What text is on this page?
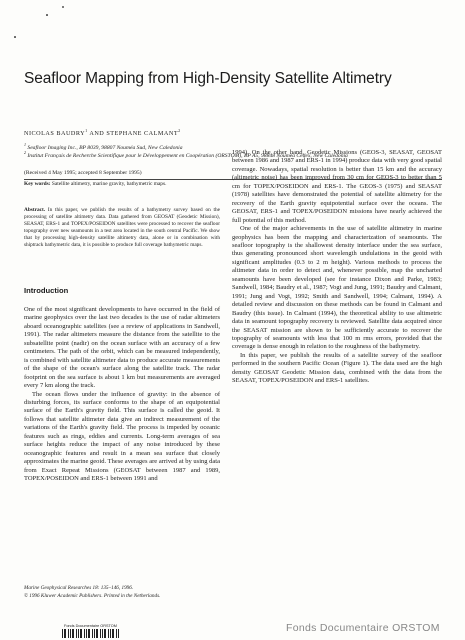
Seafloor Mapping from High-Density Satellite Altimetry

NICOLAS BAUDRY$^1$ AND STEPHANE CALMANT$^2$

$^1$ Seafloor Imaging Inc., BP 8039, 98807 Nouméa Sud, New Caledonia

$^2$ Institut Français de Recherche Scientifique pour le Développement en Coopération (ORSTOM), BP A5, 98848 Nouméa Cedex, New Caledonia

(Received 4 May 1995; accepted 8 September 1995)

Key words: Satellite altimetry, marine gravity, bathymetric maps.

Abstract. In this paper, we publish the results of a bathymetry survey based on the processing of satellite altimetry data. Data gathered from GEOSAT (Geodetic Mission), SEASAT, ERS-1 and TOPEX/POSEIDON satellites were processed to recover the seafloor topography over new seamounts in a test area located in the south central Pacific. We show that by processing high-density satellite altimetry data, alone or in combination with shiptrack bathymetric data, it is possible to produce full coverage bathymetric maps.

Introduction

One of the most significant developments to have occurred in the field of marine geophysics over the last two decades is the use of radar altimeters aboard oceanographic satellites (see a review of applications in Sandwell, 1991). The radar altimeters measure the distance from the satellite to the subsatellite point (nadir) on the ocean surface with an accuracy of a few centimeters. The path of the orbit, which can be measured independently, is combined with satellite altimeter data to produce accurate measurements of the shape of the ocean's surface along the satellite track. The radar footprint on the sea surface is about 1 km but measurements are averaged every 7 km along the track.

The ocean flows under the influence of gravity: in the absence of disturbing forces, its surface conforms to the shape of an equipotential surface of the Earth's gravity field. This surface is called the geoid. It follows that satellite altimeter data give an indirect measurement of the variations of the Earth's gravity field. The process is impeded by oceanic features such as rings, eddies and currents. Long-term averages of sea surface heights reduce the impact of any noise introduced by these oceanographic features and result in a mean sea surface that closely approximates the marine geoid. These averages are arrived at by using data from Exact Repeat Missions (GEOSAT between 1987 and 1989, TOPEX/POSEIDON and ERS-1 between 1991 and

1994). On the other hand, Geodetic Missions (GEOS-3, SEASAT, GEOSAT between 1986 and 1987 and ERS-1 in 1994) produce data with very good spatial coverage. Nowadays, spatial resolution is better than 15 km and the accuracy (altimetric noise) has been improved from 30 cm for GEOS-3 to better than 5 cm for TOPEX/POSEIDON and ERS-1. The GEOS-3 (1975) and SEASAT (1978) satellites have demonstrated the potential of satellite altimetry for the recovery of the Earth gravity equipotential surface over the oceans. The GEOSAT, ERS-1 and TOPEX/POSEIDON missions have nearly achieved the full potential of this method.

One of the major achievements in the use of satellite altimetry in marine geophysics has been the mapping and characterization of seamounts. The seafloor topography is the shallowest density interface under the sea surface, thus generating pronounced short wavelength undulations in the geoid with significant amplitudes (0.3 to 2 m height). Various methods to process the altimeter data in order to detect and, whenever possible, map the uncharted seamounts have been developed (see for instance Dixon and Parke, 1983; Sandwell, 1984; Baudry et al., 1987; Vogt and Jung, 1991; Baudry and Calmant, 1991; Jung and Vogt, 1992; Smith and Sandwell, 1994; Calmant, 1994). A detailed review and discussion on these methods can be found in Calmant and Baudry (this issue). In Calmant (1994), the theoretical ability to use altimetric data in seamount topography recovery is reviewed. Satellite data acquired since the SEASAT mission are shown to be sufficiently accurate to recover the topography of seamounts with less that 100 m rms errors, provided that the coverage is dense enough in relation to the roughness of the bathymetry.

In this paper, we publish the results of a satellite survey of the seafloor performed in the southern Pacific Ocean (Figure 1). The data used are the high density GEOSAT Geodetic Mission data, combined with the data from the SEASAT, TOPEX/POSEIDON and ERS-1 satellites.

Marine Geophysical Researches 18: 135–146, 1996.

© 1996 Kluwer Academic Publishers. Printed in the Netherlands.

Fonds Documentaire ORSTOM	Fonds Documentaire ORSTOM
